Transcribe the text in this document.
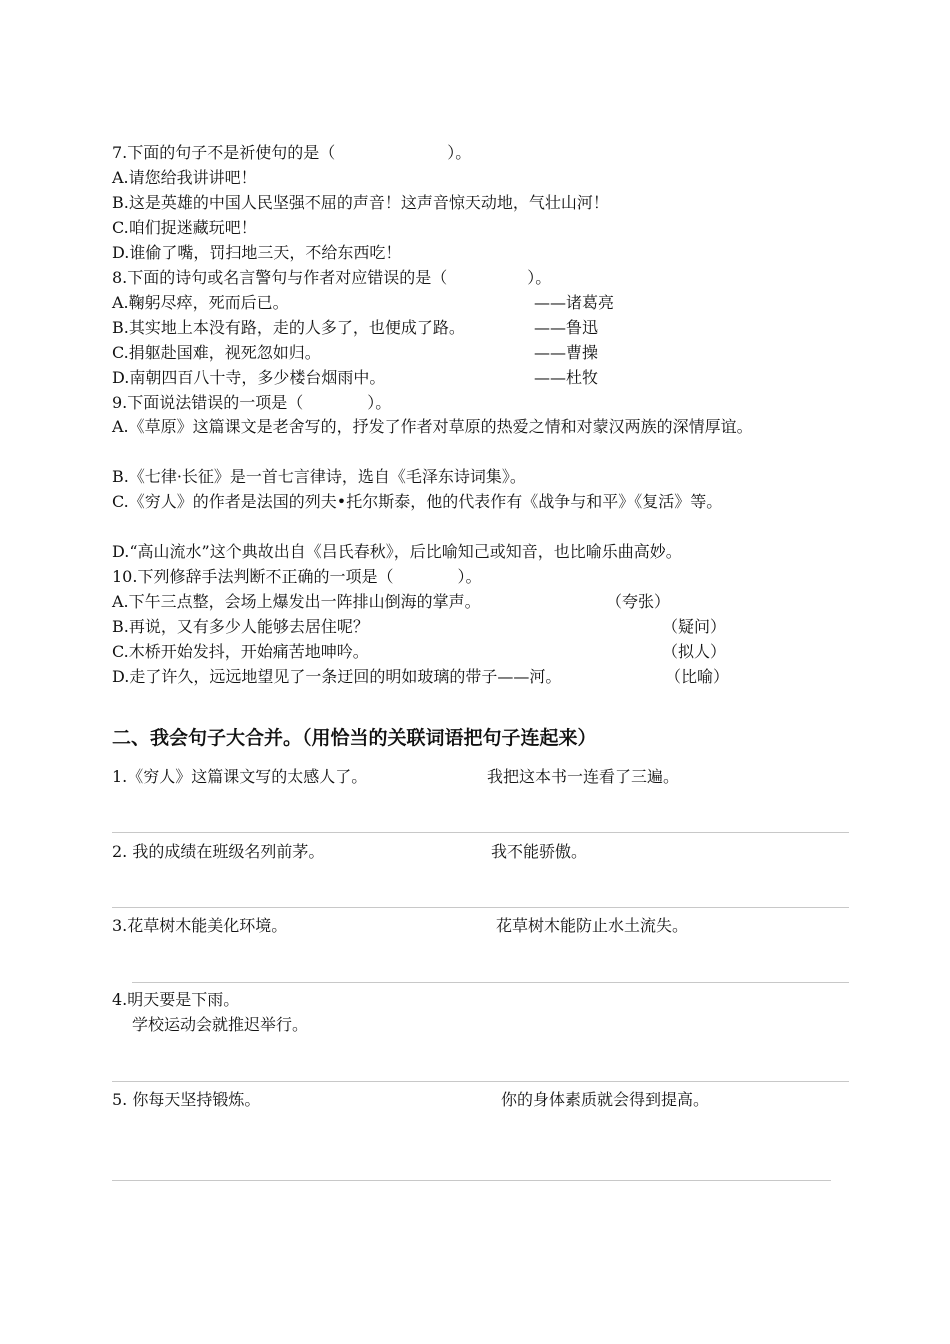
7.下面的句子不是祈使句的是（　　　　　　　）。
A.请您给我讲讲吧！
B.这是英雄的中国人民坚强不屈的声音！这声音惊天动地，气壮山河！
C.咱们捉迷藏玩吧！
D.谁偷了嘴，罚扫地三天，不给东西吃！
8.下面的诗句或名言警句与作者对应错误的是（　　　　　）。
A.鞠躬尽瘁，死而后已。	——诸葛亮
B.其实地上本没有路，走的人多了，也便成了路。	——鲁迅
C.捐躯赴国难，视死忽如归。	——曹操
D.南朝四百八十寺，多少楼台烟雨中。	——杜牧
9.下面说法错误的一项是（　　　　）。
A.《草原》这篇课文是老舍写的，抒发了作者对草原的热爱之情和对蒙汉两族的深情厚谊。
B.《七律·长征》是一首七言律诗，选自《毛泽东诗词集》。
C.《穷人》的作者是法国的列夫•托尔斯泰，他的代表作有《战争与和平》《复活》等。
D.“高山流水”这个典故出自《吕氏春秋》，后比喻知己或知音，也比喻乐曲高妙。
10.下列修辞手法判断不正确的一项是（　　　　）。
A.下午三点整，会场上爆发出一阵排山倒海的掌声。	（夸张）
B.再说，又有多少人能够去居住呢？	（疑问）
C.木桥开始发抖，开始痛苦地呻吟。	（拟人）
D.走了许久，远远地望见了一条迂回的明如玻璃的带子——河。	（比喻）
二、我会句子大合并。（用恰当的关联词语把句子连起来）
1.《穷人》这篇课文写的太感人了。	我把这本书一连看了三遍。
2. 我的成绩在班级名列前茅。	我不能骄傲。
3.花草树木能美化环境。	花草树木能防止水土流失。
4.明天要是下雨。
学校运动会就推迟举行。
5. 你每天坚持锻炼。	你的身体素质就会得到提高。
